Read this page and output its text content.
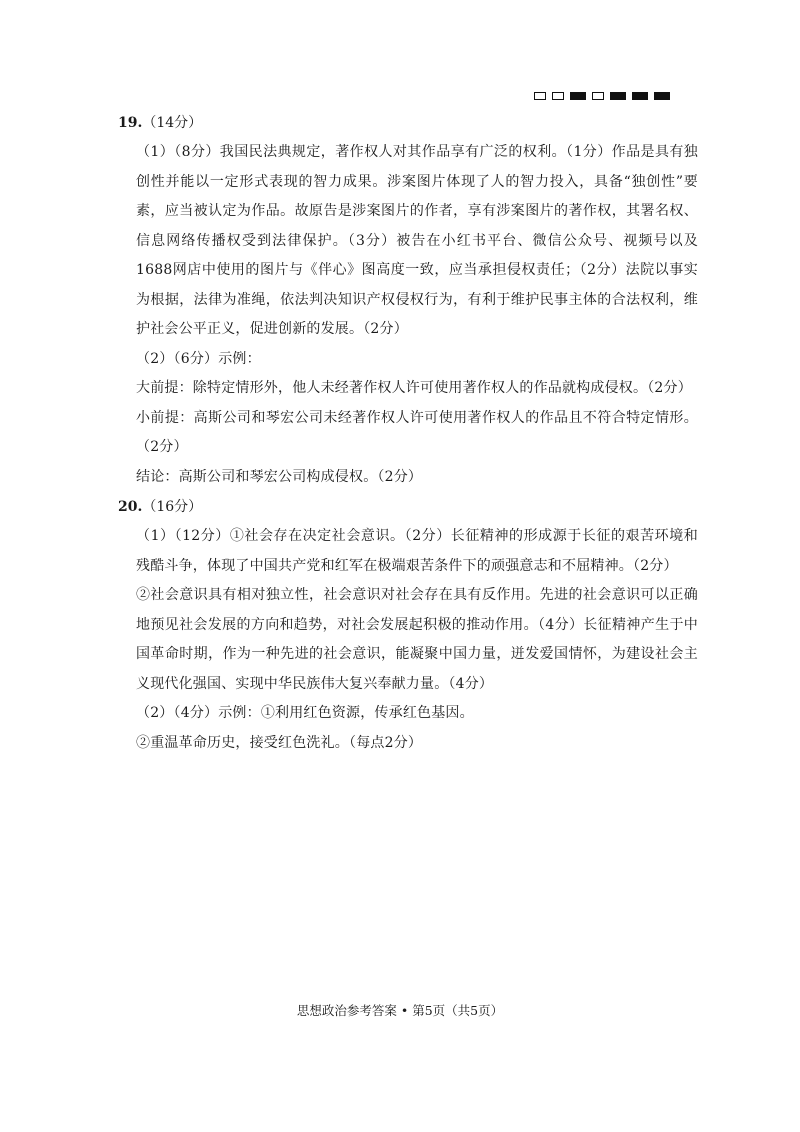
19.（14分）

（1）（8分）我国民法典规定，著作权人对其作品享有广泛的权利。（1分）作品是具有独创性并能以一定形式表现的智力成果。涉案图片体现了人的智力投入，具备“独创性”要素，应当被认定为作品。故原告是涉案图片的作者，享有涉案图片的著作权，其署名权、信息网络传播权受到法律保护。（3分）被告在小红书平台、微信公众号、视频号以及1688网店中使用的图片与《伴心》图高度一致，应当承担侵权责任；（2分）法院以事实为根据，法律为准绳，依法判决知识产权侵权行为，有利于维护民事主体的合法权利，维护社会公平正义，促进创新的发展。（2分）

（2）（6分）示例：

大前提：除特定情形外，他人未经著作权人许可使用著作权人的作品就构成侵权。（2分）

小前提：高斯公司和琴宏公司未经著作权人许可使用著作权人的作品且不符合特定情形。（2分）

结论：高斯公司和琴宏公司构成侵权。（2分）

20.（16分）

（1）（12分）①社会存在决定社会意识。（2分）长征精神的形成源于长征的艰苦环境和残酷斗争，体现了中国共产党和红军在极端艰苦条件下的顽强意志和不屈精神。（2分）

②社会意识具有相对独立性，社会意识对社会存在具有反作用。先进的社会意识可以正确地预见社会发展的方向和趋势，对社会发展起积极的推动作用。（4分）长征精神产生于中国革命时期，作为一种先进的社会意识，能凝聚中国力量，迸发爱国情怀，为建设社会主义现代化强国、实现中华民族伟大复兴奉献力量。（4分）

（2）（4分）示例：①利用红色资源，传承红色基因。

②重温革命历史，接受红色洗礼。（每点2分）

思想政治参考答案 • 第5页（共5页）
